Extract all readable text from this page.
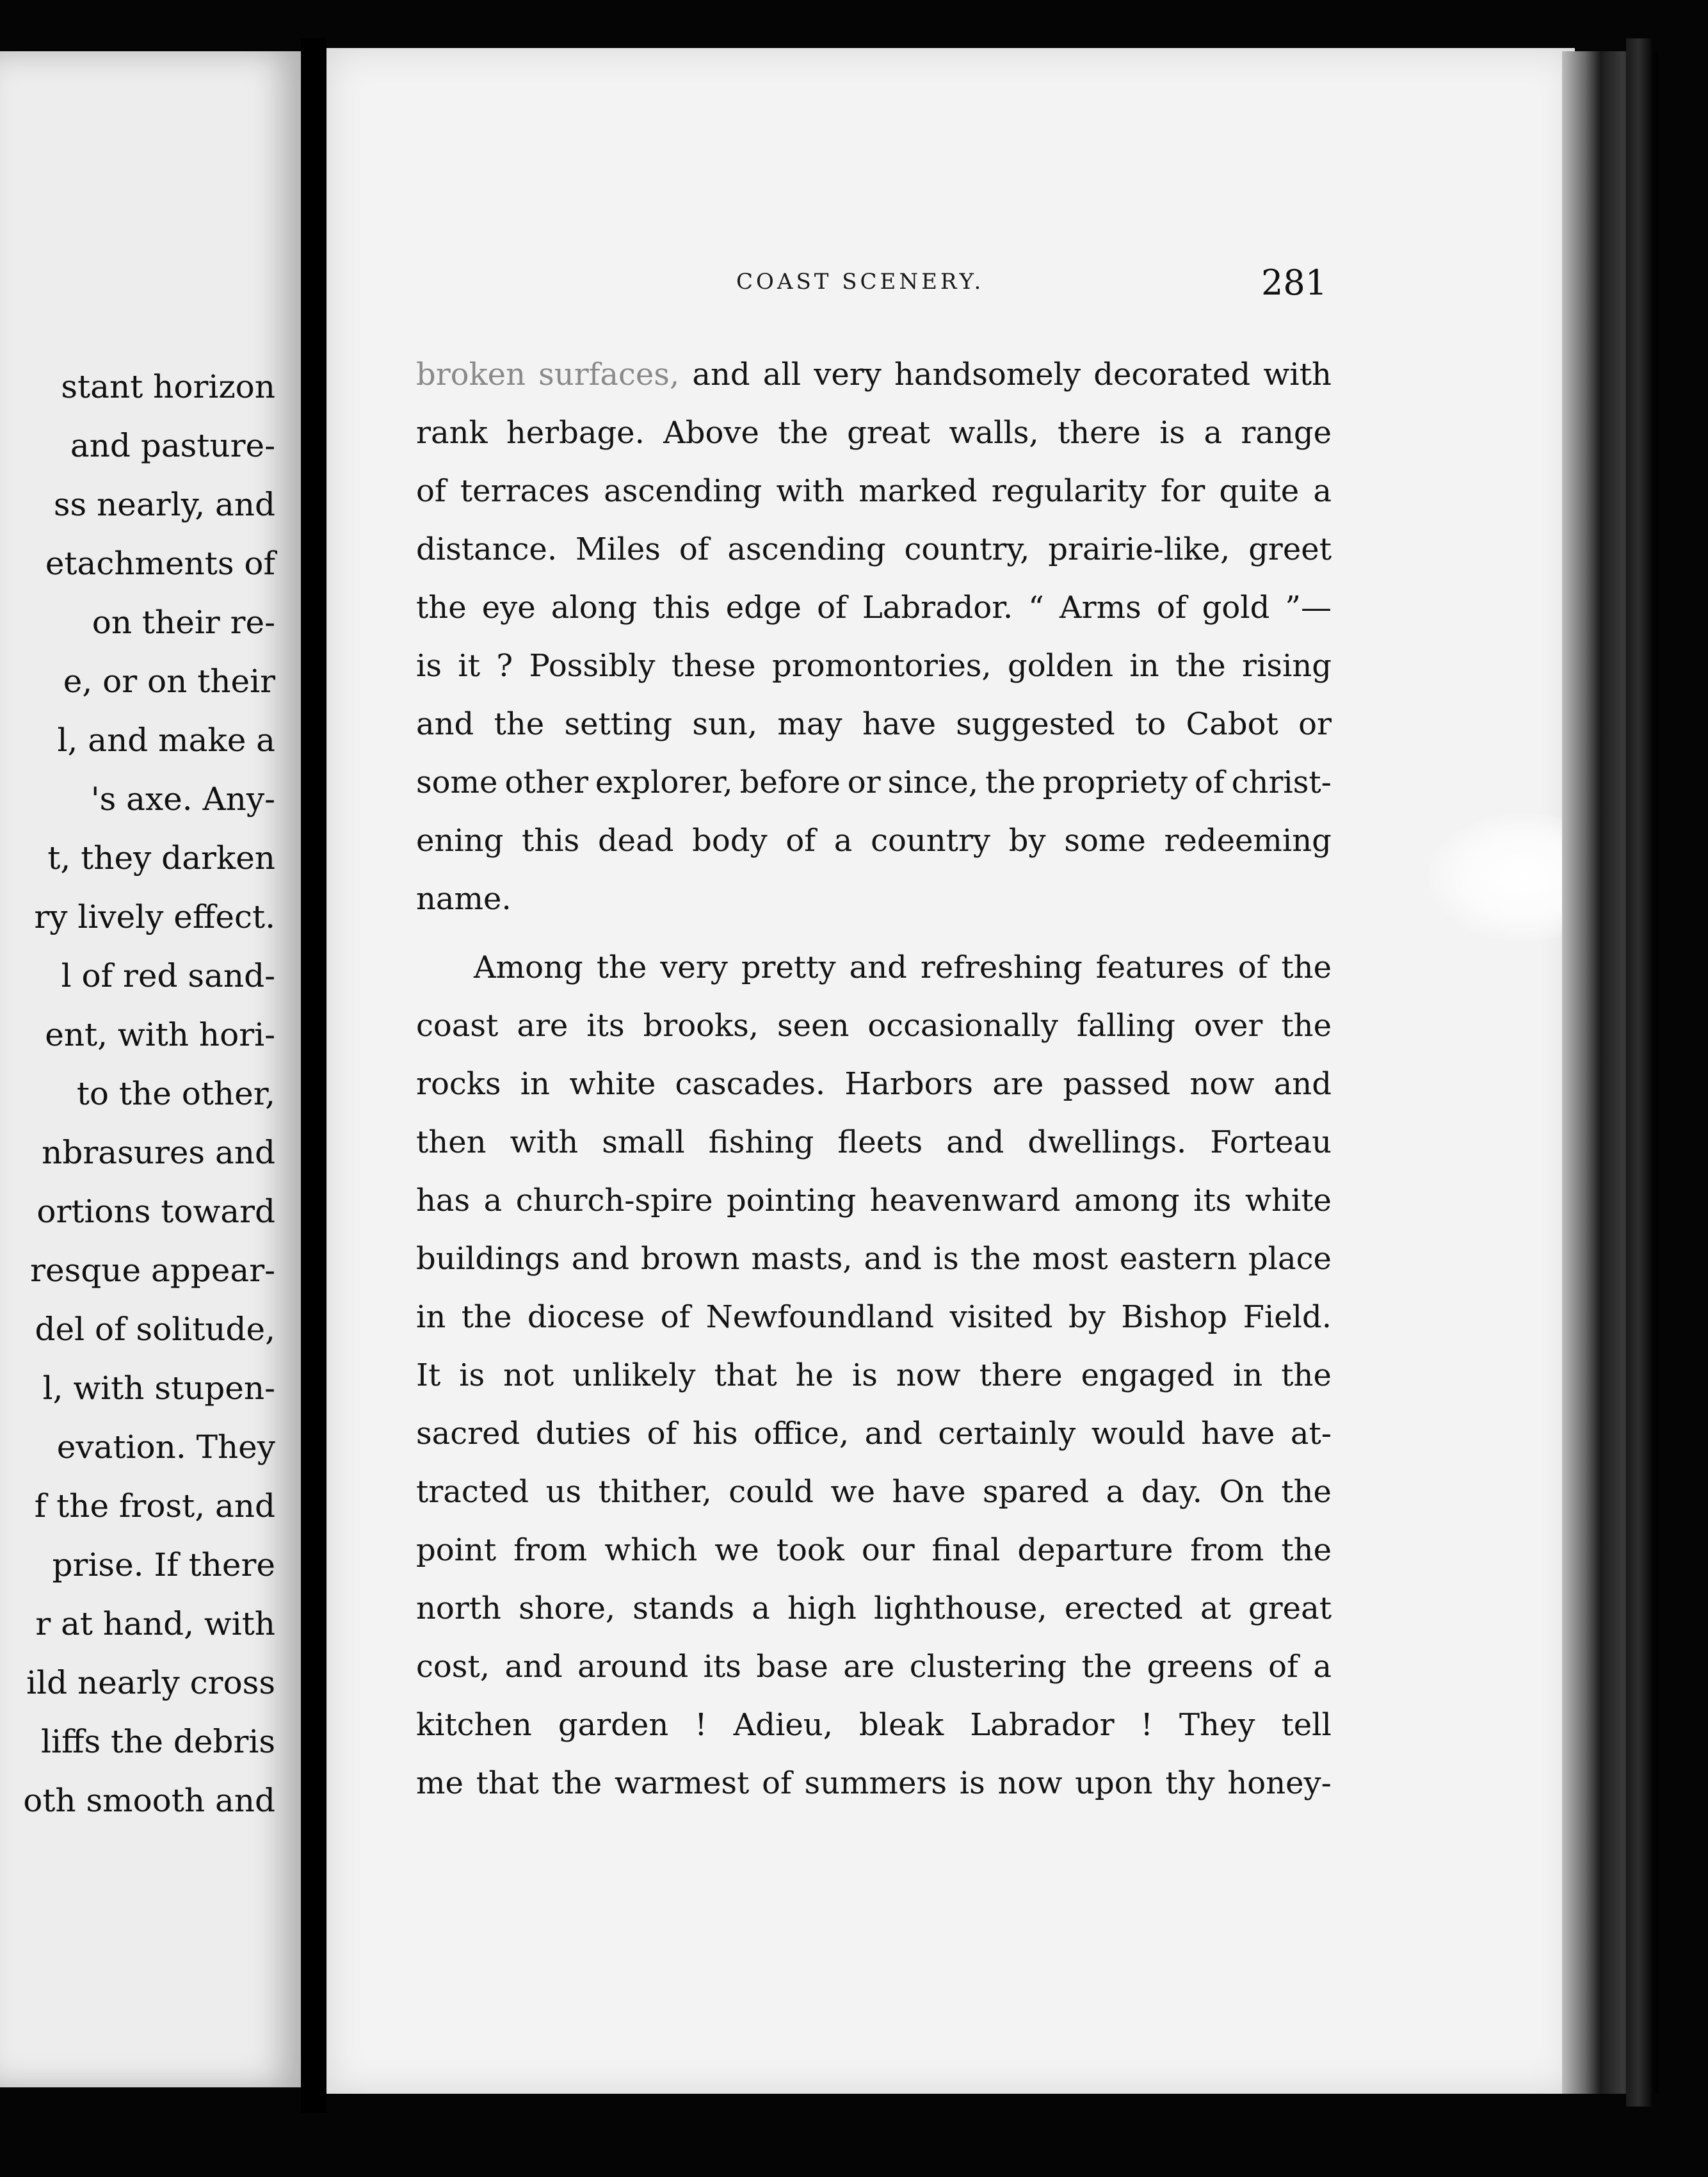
stant horizon
and pasture-
ss nearly, and
etachments of
on their re-
e, or on their
l, and make a
's axe. Any-
t, they darken
ry lively effect.
l of red sand-
ent, with hori-
to the other,
nbrasures and
ortions toward
resque appear-
del of solitude,
l, with stupen-
evation. They
f the frost, and
prise. If there
r at hand, with
ild nearly cross
liffs the debris
oth smooth and
COAST SCENERY.	281
broken surfaces, and all very handsomely decorated with
rank herbage. Above the great walls, there is a range
of terraces ascending with marked regularity for quite a
distance. Miles of ascending country, prairie-like, greet
the eye along this edge of Labrador. “ Arms of gold ”—
is it ? Possibly these promontories, golden in the rising
and the setting sun, may have suggested to Cabot or
some other explorer, before or since, the propriety of christ-
ening this dead body of a country by some redeeming
name.
Among the very pretty and refreshing features of the
coast are its brooks, seen occasionally falling over the
rocks in white cascades. Harbors are passed now and
then with small fishing fleets and dwellings. Forteau
has a church-spire pointing heavenward among its white
buildings and brown masts, and is the most eastern place
in the diocese of Newfoundland visited by Bishop Field.
It is not unlikely that he is now there engaged in the
sacred duties of his office, and certainly would have at-
tracted us thither, could we have spared a day. On the
point from which we took our final departure from the
north shore, stands a high lighthouse, erected at great
cost, and around its base are clustering the greens of a
kitchen garden ! Adieu, bleak Labrador ! They tell
me that the warmest of summers is now upon thy honey-
